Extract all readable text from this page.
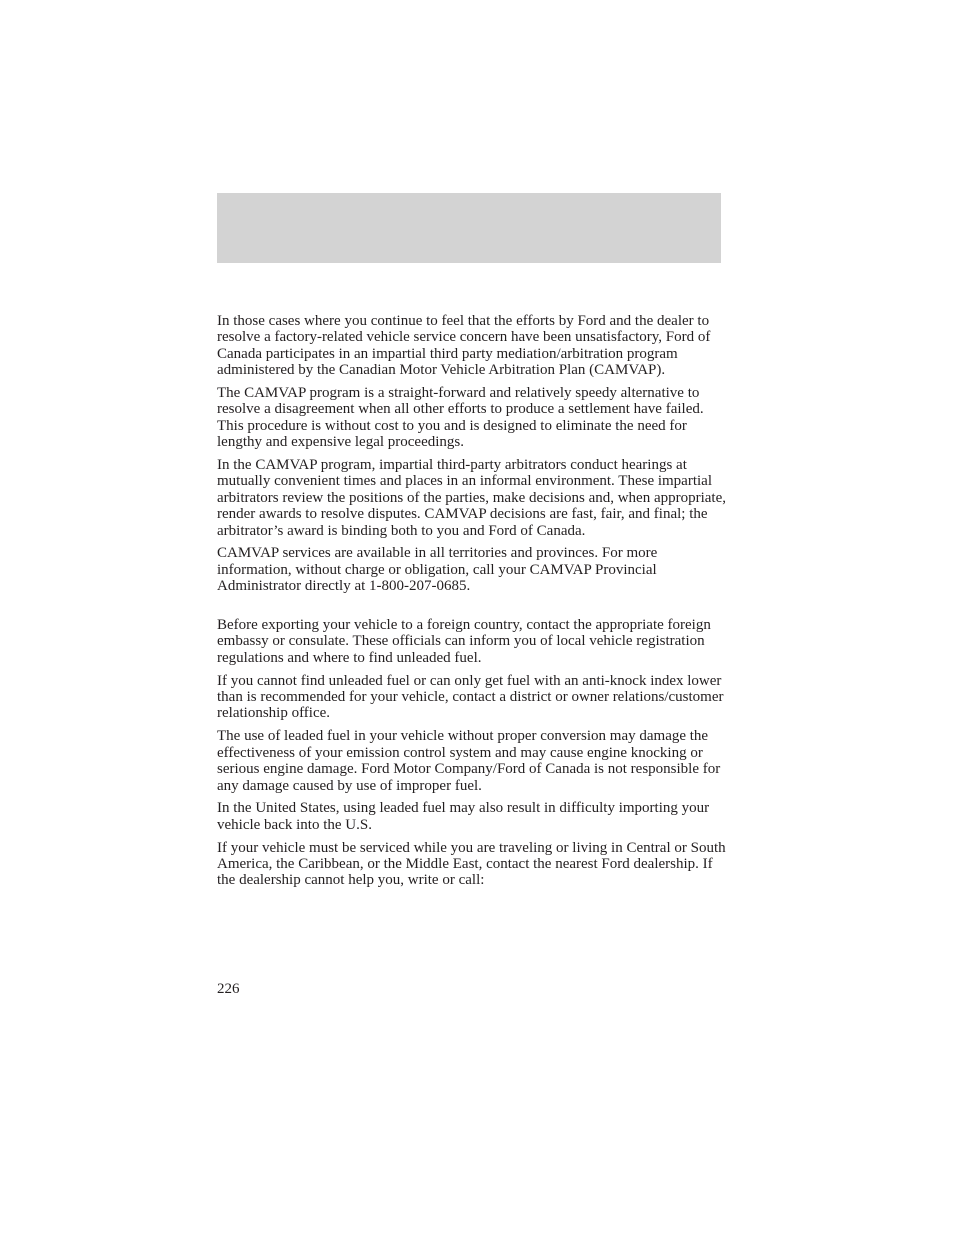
In those cases where you continue to feel that the efforts by Ford and the dealer to resolve a factory-related vehicle service concern have been unsatisfactory, Ford of Canada participates in an impartial third party mediation/arbitration program administered by the Canadian Motor Vehicle Arbitration Plan (CAMVAP).

The CAMVAP program is a straight-forward and relatively speedy alternative to resolve a disagreement when all other efforts to produce a settlement have failed. This procedure is without cost to you and is designed to eliminate the need for lengthy and expensive legal proceedings.

In the CAMVAP program, impartial third-party arbitrators conduct hearings at mutually convenient times and places in an informal environment. These impartial arbitrators review the positions of the parties, make decisions and, when appropriate, render awards to resolve disputes. CAMVAP decisions are fast, fair, and final; the arbitrator’s award is binding both to you and Ford of Canada.

CAMVAP services are available in all territories and provinces. For more information, without charge or obligation, call your CAMVAP Provincial Administrator directly at 1-800-207-0685.

Before exporting your vehicle to a foreign country, contact the appropriate foreign embassy or consulate. These officials can inform you of local vehicle registration regulations and where to find unleaded fuel.

If you cannot find unleaded fuel or can only get fuel with an anti-knock index lower than is recommended for your vehicle, contact a district or owner relations/customer relationship office.

The use of leaded fuel in your vehicle without proper conversion may damage the effectiveness of your emission control system and may cause engine knocking or serious engine damage. Ford Motor Company/Ford of Canada is not responsible for any damage caused by use of improper fuel.

In the United States, using leaded fuel may also result in difficulty importing your vehicle back into the U.S.

If your vehicle must be serviced while you are traveling or living in Central or South America, the Caribbean, or the Middle East, contact the nearest Ford dealership. If the dealership cannot help you, write or call:

226
